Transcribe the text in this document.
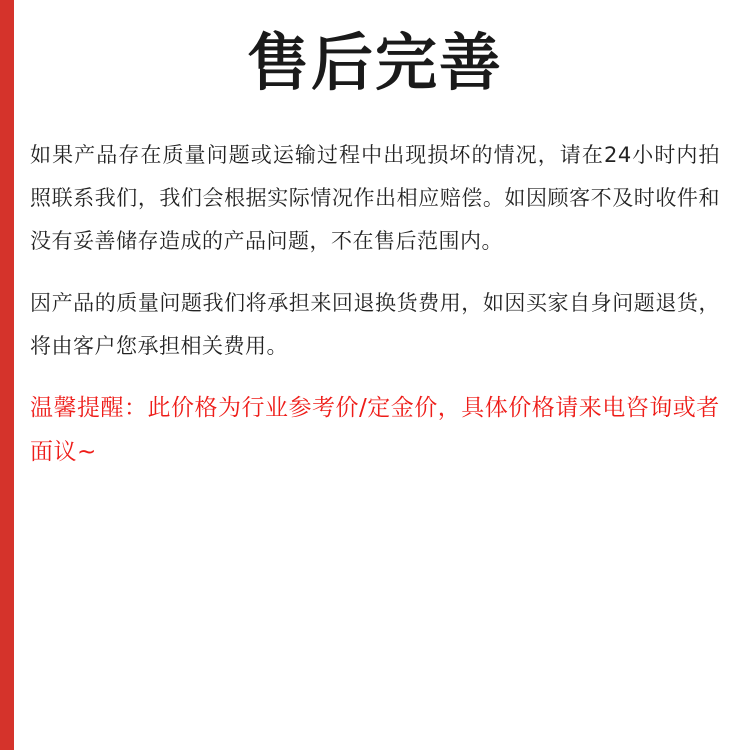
售后完善

如果产品存在质量问题或运输过程中出现损坏的情况，请在24小时内拍照联系我们，我们会根据实际情况作出相应赔偿。如因顾客不及时收件和没有妥善储存造成的产品问题，不在售后范围内。

因产品的质量问题我们将承担来回退换货费用，如因买家自身问题退货，将由客户您承担相关费用。

温馨提醒：此价格为行业参考价/定金价，具体价格请来电咨询或者面议~
